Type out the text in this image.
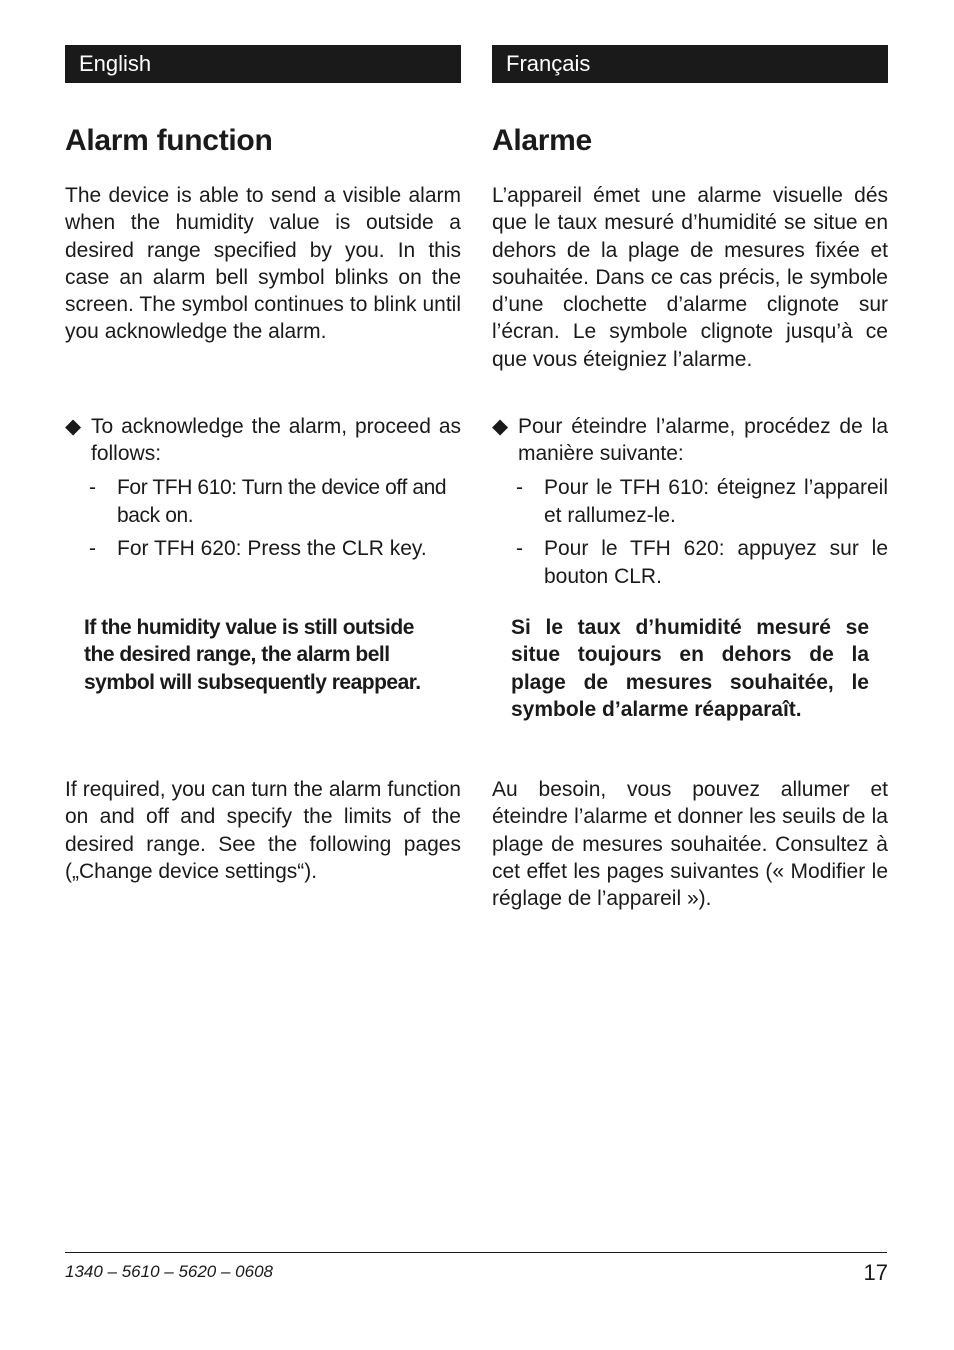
English
Alarm function

The device is able to send a visible alarm when the humidity value is outside a desired range specified by you. In this case an alarm bell symbol blinks on the screen. The symbol continues to blink until you acknowledge the alarm.

◆ To acknowledge the alarm, proceed as follows:
- For TFH 610: Turn the device off and back on.
- For TFH 620: Press the CLR key.

If the humidity value is still outside the desired range, the alarm bell symbol will subsequently reappear.

If required, you can turn the alarm function on and off and specify the limits of the desired range. See the following pages („Change device settings“).

Français
Alarme

L’appareil émet une alarme visuelle dés que le taux mesuré d’humidité se situe en dehors de la plage de mesures fixée et souhaitée. Dans ce cas précis, le symbole d’une clochette d’alarme clignote sur l’écran. Le symbole clignote jusqu’à ce que vous éteigniez l’alarme.

◆ Pour éteindre l’alarme, procédez de la manière suivante:
- Pour le TFH 610: éteignez l’appareil et rallumez-le.
- Pour le TFH 620: appuyez sur le bouton CLR.

Si le taux d’humidité mesuré se situe toujours en dehors de la plage de mesures souhaitée, le symbole d’alarme réapparaît.

Au besoin, vous pouvez allumer et éteindre l’alarme et donner les seuils de la plage de mesures souhaitée. Consultez à cet effet les pages suivantes (« Modifier le réglage de l’appareil »).

1340 – 5610 – 5620 – 0608	17
